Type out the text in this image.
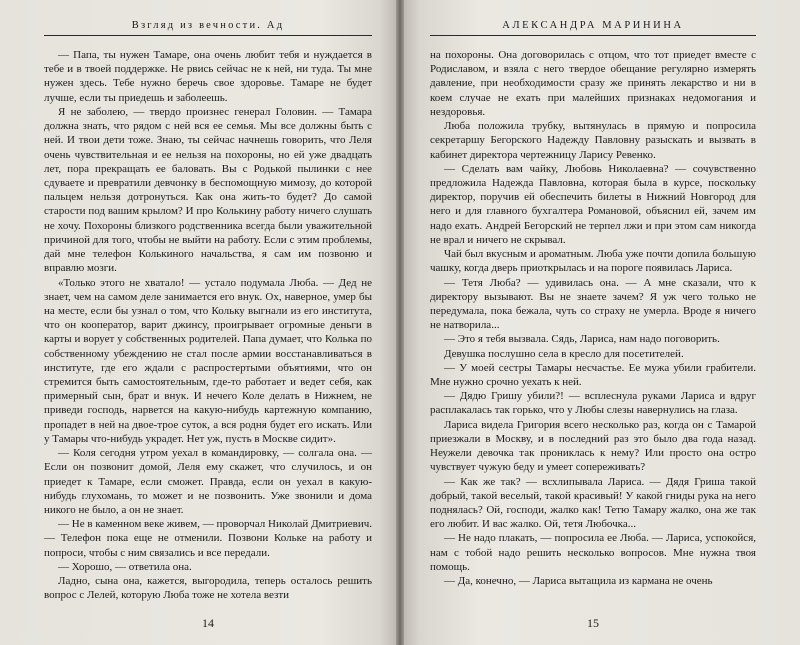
Взгляд из вечности. Ад

— Папа, ты нужен Тамаре, она очень любит тебя и нуждается в тебе и в твоей поддержке. Не рвись сейчас не к ней, ни туда. Ты мне нужен здесь. Тебе нужно беречь свое здоровье. Тамаре не будет лучше, если ты приедешь и заболеешь.

Я не заболею, — твердо произнес генерал Головин. — Тамара должна знать, что рядом с ней вся ее семья. Мы все должны быть с ней. И твои дети тоже. Знаю, ты сейчас начнешь говорить, что Леля очень чувствительная и ее нельзя на похороны, но ей уже двадцать лет, пора прекращать ее баловать. Вы с Родькой пылинки с нее сдуваете и превратили девчонку в беспомощную мимозу, до которой пальцем нельзя дотронуться. Как она жить-то будет? До самой старости под вашим крылом? И про Колькину работу ничего слушать не хочу. Похороны близкого родственника всегда были уважительной причиной для того, чтобы не выйти на работу. Если с этим проблемы, дай мне телефон Колькиного начальства, я сам им позвоню и вправлю мозги.

«Только этого не хватало! — устало подумала Люба. — Дед не знает, чем на самом деле занимается его внук. Ох, наверное, умер бы на месте, если бы узнал о том, что Кольку выгнали из его института, что он кооператор, варит джинсу, проигрывает огромные деньги в карты и ворует у собственных родителей. Папа думает, что Колька по собственному убеждению не стал после армии восстанавливаться в институте, где его ждали с распростертыми объятиями, что он стремится быть самостоятельным, где-то работает и ведет себя, как примерный сын, брат и внук. И нечего Коле делать в Нижнем, не приведи господь, нарвется на какую-нибудь картежную компанию, пропадет в ней на двое-трое суток, а вся родня будет его искать. Или у Тамары что-нибудь украдет. Нет уж, пусть в Москве сидит».

— Коля сегодня утром уехал в командировку, — солгала она. — Если он позвонит домой, Леля ему скажет, что случилось, и он приедет к Тамаре, если сможет. Правда, если он уехал в какую-нибудь глухомань, то может и не позвонить. Уже звонили и дома никого не было, а он не знает.

— Не в каменном веке живем, — проворчал Николай Дмитриевич. — Телефон пока еще не отменили. Позвони Кольке на работу и попроси, чтобы с ним связались и все передали.

— Хорошо, — ответила она.

Ладно, сына она, кажется, выгородила, теперь осталось решить вопрос с Лелей, которую Люба тоже не хотела везти

14
АЛЕКСАНДРА МАРИНИНА

на похороны. Она договорилась с отцом, что тот приедет вместе с Родиславом, и взяла с него твердое обещание регулярно измерять давление, при необходимости сразу же принять лекарство и ни в коем случае не ехать при малейших признаках недомогания и нездоровья.

Люба положила трубку, вытянулась в прямую и попросила секретаршу Бегорского Надежду Павловну разыскать и вызвать в кабинет директора чертежницу Ларису Ревенко.

— Сделать вам чайку, Любовь Николаевна? — сочувственно предложила Надежда Павловна, которая была в курсе, поскольку директор, поручив ей обеспечить билеты в Нижний Новгород для него и для главного бухгалтера Романовой, объяснил ей, зачем им надо ехать. Андрей Бегорский не терпел лжи и при этом сам никогда не врал и ничего не скрывал.

Чай был вкусным и ароматным. Люба уже почти допила большую чашку, когда дверь приоткрылась и на пороге появилась Лариса.

— Тетя Люба? — удивилась она. — А мне сказали, что к директору вызывают. Вы не знаете зачем? Я уж чего только не передумала, пока бежала, чуть со страху не умерла. Вроде я ничего не натворила...

— Это я тебя вызвала. Сядь, Лариса, нам надо поговорить.

Девушка послушно села в кресло для посетителей.

— У моей сестры Тамары несчастье. Ее мужа убили грабители. Мне нужно срочно уехать к ней.

— Дядю Гришу убили?! — всплеснула руками Лариса и вдруг расплакалась так горько, что у Любы слезы навернулись на глаза.

Лариса видела Григория всего несколько раз, когда он с Тамарой приезжали в Москву, и в последний раз это было два года назад. Неужели девочка так прониклась к нему? Или просто она остро чувствует чужую беду и умеет сопереживать?

— Как же так? — всхлипывала Лариса. — Дядя Гриша такой добрый, такой веселый, такой красивый! У какой гниды рука на него поднялась? Ой, господи, жалко как! Тетю Тамару жалко, она же так его любит. И вас жалко. Ой, тетя Любочка...

— Не надо плакать, — попросила ее Люба. — Лариса, успокойся, нам с тобой надо решить несколько вопросов. Мне нужна твоя помощь.

— Да, конечно, — Лариса вытащила из кармана не очень

15
